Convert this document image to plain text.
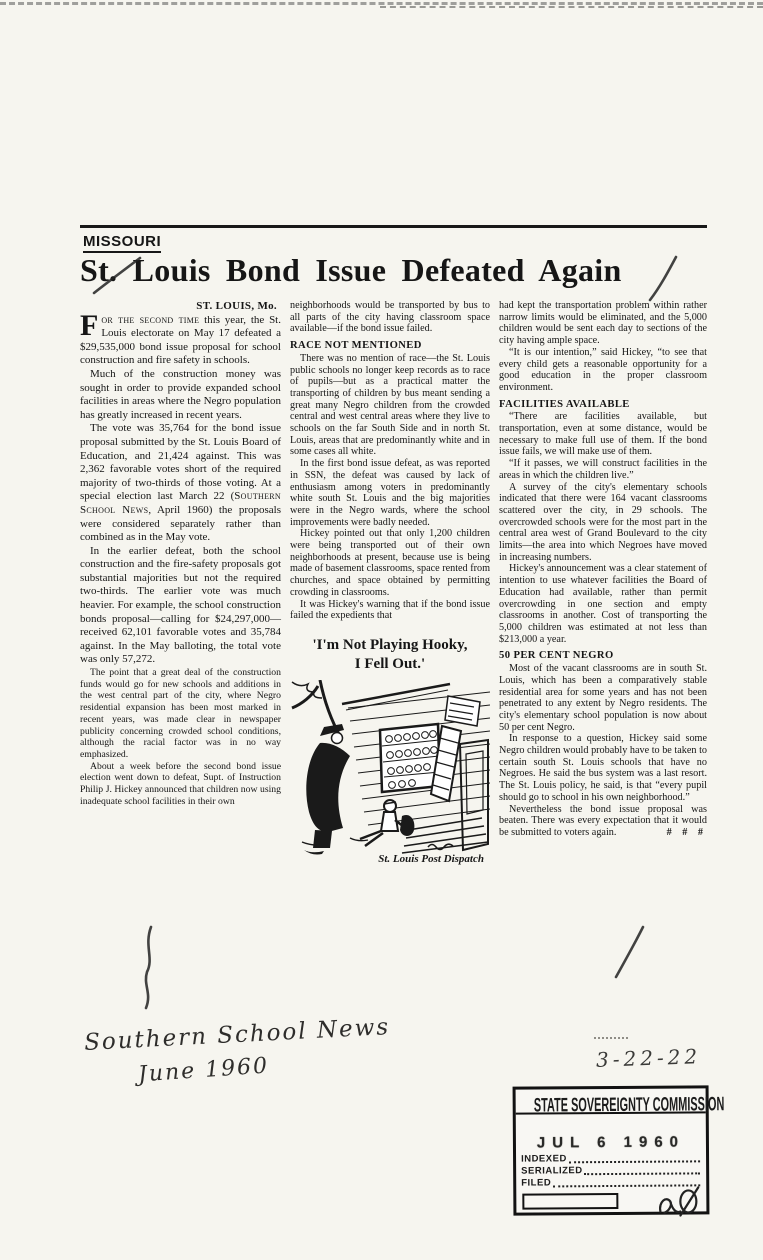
MISSOURI
St. Louis Bond Issue Defeated Again
ST. LOUIS, Mo.

For the second time this year, the St. Louis electorate on May 17 defeated a $29,535,000 bond issue proposal for school construction and fire safety in schools.

Much of the construction money was sought in order to provide expanded school facilities in areas where the Negro population has greatly increased in recent years.

The vote was 35,764 for the bond issue proposal submitted by the St. Louis Board of Education, and 21,424 against. This was 2,362 favorable votes short of the required majority of two-thirds of those voting. At a special election last March 22 (Southern School News, April 1960) the proposals were considered separately rather than combined as in the May vote.

In the earlier defeat, both the school construction and the fire-safety proposals got substantial majorities but not the required two-thirds. The earlier vote was much heavier. For example, the school construction bonds proposal—calling for $24,297,000—received 62,101 favorable votes and 35,784 against. In the May balloting, the total vote was only 57,272.

The point that a great deal of the construction funds would go for new schools and additions in the west central part of the city, where Negro residential expansion has been most marked in recent years, was made clear in newspaper publicity concerning crowded school conditions, although the racial factor was in no way emphasized.

About a week before the second bond issue election went down to defeat, Supt. of Instruction Philip J. Hickey announced that children now using inadequate school facilities in their own

neighborhoods would be transported by bus to all parts of the city having classroom space available—if the bond issue failed.

RACE NOT MENTIONED

There was no mention of race—the St. Louis public schools no longer keep records as to race of pupils—but as a practical matter the transporting of children by bus meant sending a great many Negro children from the crowded central and west central areas where they live to schools on the far South Side and in north St. Louis, areas that are predominantly white and in some cases all white.

In the first bond issue defeat, as was reported in SSN, the defeat was caused by lack of enthusiasm among voters in predominantly white south St. Louis and the big majorities were in the Negro wards, where the school improvements were badly needed.

Hickey pointed out that only 1,200 children were being transported out of their own neighborhoods at present, because use is being made of basement classrooms, space rented from churches, and space obtained by permitting crowding in classrooms.

It was Hickey's warning that if the bond issue failed the expedients that

'I'm Not Playing Hooky,
I Fell Out.'
St. Louis Post Dispatch

had kept the transportation problem within rather narrow limits would be eliminated, and the 5,000 children would be sent each day to sections of the city having ample space.

“It is our intention,” said Hickey, “to see that every child gets a reasonable opportunity for a good education in the proper classroom environment.

FACILITIES AVAILABLE

“There are facilities available, but transportation, even at some distance, would be necessary to make full use of them. If the bond issue fails, we will make use of them.

“If it passes, we will construct facilities in the areas in which the children live.”

A survey of the city's elementary schools indicated that there were 164 vacant classrooms scattered over the city, in 29 schools. The overcrowded schools were for the most part in the central area west of Grand Boulevard to the city limits—the area into which Negroes have moved in increasing numbers.

Hickey's announcement was a clear statement of intention to use whatever facilities the Board of Education had available, rather than permit overcrowding in one section and empty classrooms in another. Cost of transporting the 5,000 children was estimated at not less than $213,000 a year.

50 PER CENT NEGRO

Most of the vacant classrooms are in south St. Louis, which has been a comparatively stable residential area for some years and has not been penetrated to any extent by Negro residents. The city's elementary school population is now about 50 per cent Negro.

In response to a question, Hickey said some Negro children would probably have to be taken to certain south St. Louis schools that have no Negroes. He said the bus system was a last resort. The St. Louis policy, he said, is that “every pupil should go to school in his own neighborhood.”

Nevertheless the bond issue proposal was beaten. There was every expectation that it would be submitted to voters again.	# # #
Southern School News
June 1960	3-22-22
STATE SOVEREIGNTY COMMISSION
JUL 6 1960
INDEXED
SERIALIZED
FILED
